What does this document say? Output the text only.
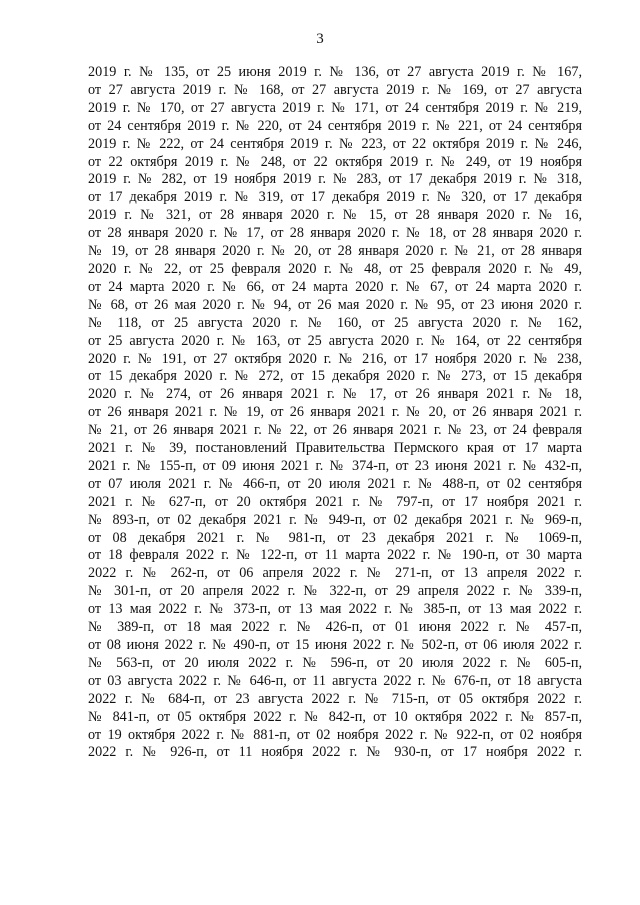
3
2019 г. № 135, от 25 июня 2019 г. № 136, от 27 августа 2019 г. № 167,
от 27 августа 2019 г. № 168, от 27 августа 2019 г. № 169, от 27 августа
2019 г. № 170, от 27 августа 2019 г. № 171, от 24 сентября 2019 г. № 219,
от 24 сентября 2019 г. № 220, от 24 сентября 2019 г. № 221, от 24 сентября
2019 г. № 222, от 24 сентября 2019 г. № 223, от 22 октября 2019 г. № 246,
от 22 октября 2019 г. № 248, от 22 октября 2019 г. № 249, от 19 ноября
2019 г. № 282, от 19 ноября 2019 г. № 283, от 17 декабря 2019 г. № 318,
от 17 декабря 2019 г. № 319, от 17 декабря 2019 г. № 320, от 17 декабря
2019 г. № 321, от 28 января 2020 г. № 15, от 28 января 2020 г. № 16,
от 28 января 2020 г. № 17, от 28 января 2020 г. № 18, от 28 января 2020 г.
№ 19, от 28 января 2020 г. № 20, от 28 января 2020 г. № 21, от 28 января
2020 г. № 22, от 25 февраля 2020 г. № 48, от 25 февраля 2020 г. № 49,
от 24 марта 2020 г. № 66, от 24 марта 2020 г. № 67, от 24 марта 2020 г.
№ 68, от 26 мая 2020 г. № 94, от 26 мая 2020 г. № 95, от 23 июня 2020 г.
№ 118, от 25 августа 2020 г. № 160, от 25 августа 2020 г. № 162,
от 25 августа 2020 г. № 163, от 25 августа 2020 г. № 164, от 22 сентября
2020 г. № 191, от 27 октября 2020 г. № 216, от 17 ноября 2020 г. № 238,
от 15 декабря 2020 г. № 272, от 15 декабря 2020 г. № 273, от 15 декабря
2020 г. № 274, от 26 января 2021 г. № 17, от 26 января 2021 г. № 18,
от 26 января 2021 г. № 19, от 26 января 2021 г. № 20, от 26 января 2021 г.
№ 21, от 26 января 2021 г. № 22, от 26 января 2021 г. № 23, от 24 февраля
2021 г. № 39, постановлений Правительства Пермского края от 17 марта
2021 г. № 155-п, от 09 июня 2021 г. № 374-п, от 23 июня 2021 г. № 432-п,
от 07 июля 2021 г. № 466-п, от 20 июля 2021 г. № 488-п, от 02 сентября
2021 г. № 627-п, от 20 октября 2021 г. № 797-п, от 17 ноября 2021 г.
№ 893-п, от 02 декабря 2021 г. № 949-п, от 02 декабря 2021 г. № 969-п,
от 08 декабря 2021 г. № 981-п, от 23 декабря 2021 г. № 1069-п,
от 18 февраля 2022 г. № 122-п, от 11 марта 2022 г. № 190-п, от 30 марта
2022 г. № 262-п, от 06 апреля 2022 г. № 271-п, от 13 апреля 2022 г.
№ 301-п, от 20 апреля 2022 г. № 322-п, от 29 апреля 2022 г. № 339-п,
от 13 мая 2022 г. № 373-п, от 13 мая 2022 г. № 385-п, от 13 мая 2022 г.
№ 389-п, от 18 мая 2022 г. № 426-п, от 01 июня 2022 г. № 457-п,
от 08 июня 2022 г. № 490-п, от 15 июня 2022 г. № 502-п, от 06 июля 2022 г.
№ 563-п, от 20 июля 2022 г. № 596-п, от 20 июля 2022 г. № 605-п,
от 03 августа 2022 г. № 646-п, от 11 августа 2022 г. № 676-п, от 18 августа
2022 г. № 684-п, от 23 августа 2022 г. № 715-п, от 05 октября 2022 г.
№ 841-п, от 05 октября 2022 г. № 842-п, от 10 октября 2022 г. № 857-п,
от 19 октября 2022 г. № 881-п, от 02 ноября 2022 г. № 922-п, от 02 ноября
2022 г. № 926-п, от 11 ноября 2022 г. № 930-п, от 17 ноября 2022 г.
